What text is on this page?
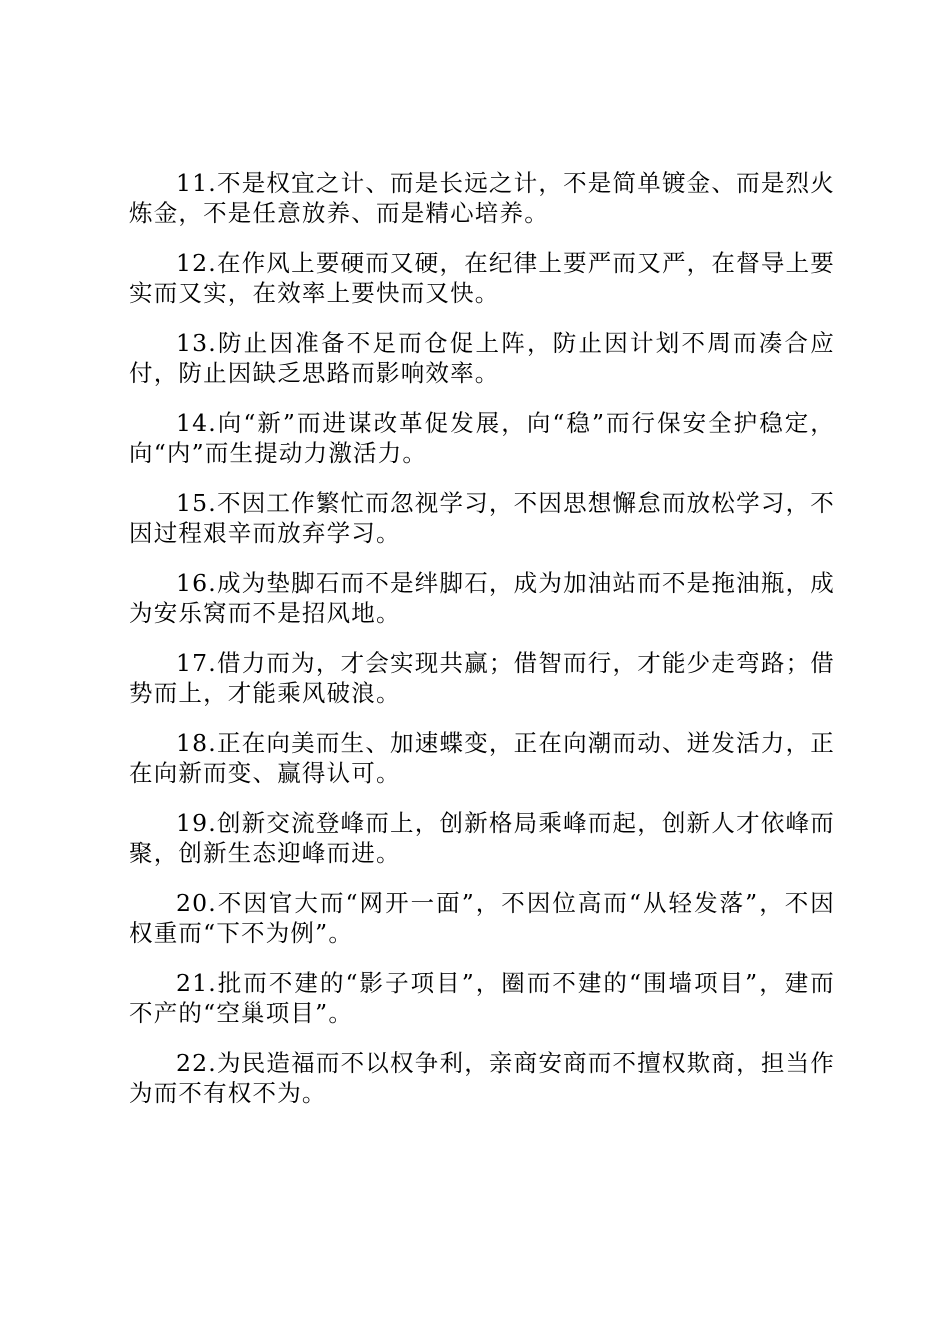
11.不是权宜之计、而是长远之计，不是简单镀金、而是烈火炼金，不是任意放养、而是精心培养。

12.在作风上要硬而又硬，在纪律上要严而又严，在督导上要实而又实，在效率上要快而又快。

13.防止因准备不足而仓促上阵，防止因计划不周而凑合应付，防止因缺乏思路而影响效率。

14.向“新”而进谋改革促发展，向“稳”而行保安全护稳定，向“内”而生提动力激活力。

15.不因工作繁忙而忽视学习，不因思想懈怠而放松学习，不因过程艰辛而放弃学习。

16.成为垫脚石而不是绊脚石，成为加油站而不是拖油瓶，成为安乐窝而不是招风地。

17.借力而为，才会实现共赢；借智而行，才能少走弯路；借势而上，才能乘风破浪。

18.正在向美而生、加速蝶变，正在向潮而动、迸发活力，正在向新而变、赢得认可。

19.创新交流登峰而上，创新格局乘峰而起，创新人才依峰而聚，创新生态迎峰而进。

20.不因官大而“网开一面”，不因位高而“从轻发落”，不因权重而“下不为例”。

21.批而不建的“影子项目”，圈而不建的“围墙项目”，建而不产的“空巢项目”。

22.为民造福而不以权争利，亲商安商而不擅权欺商，担当作为而不有权不为。
